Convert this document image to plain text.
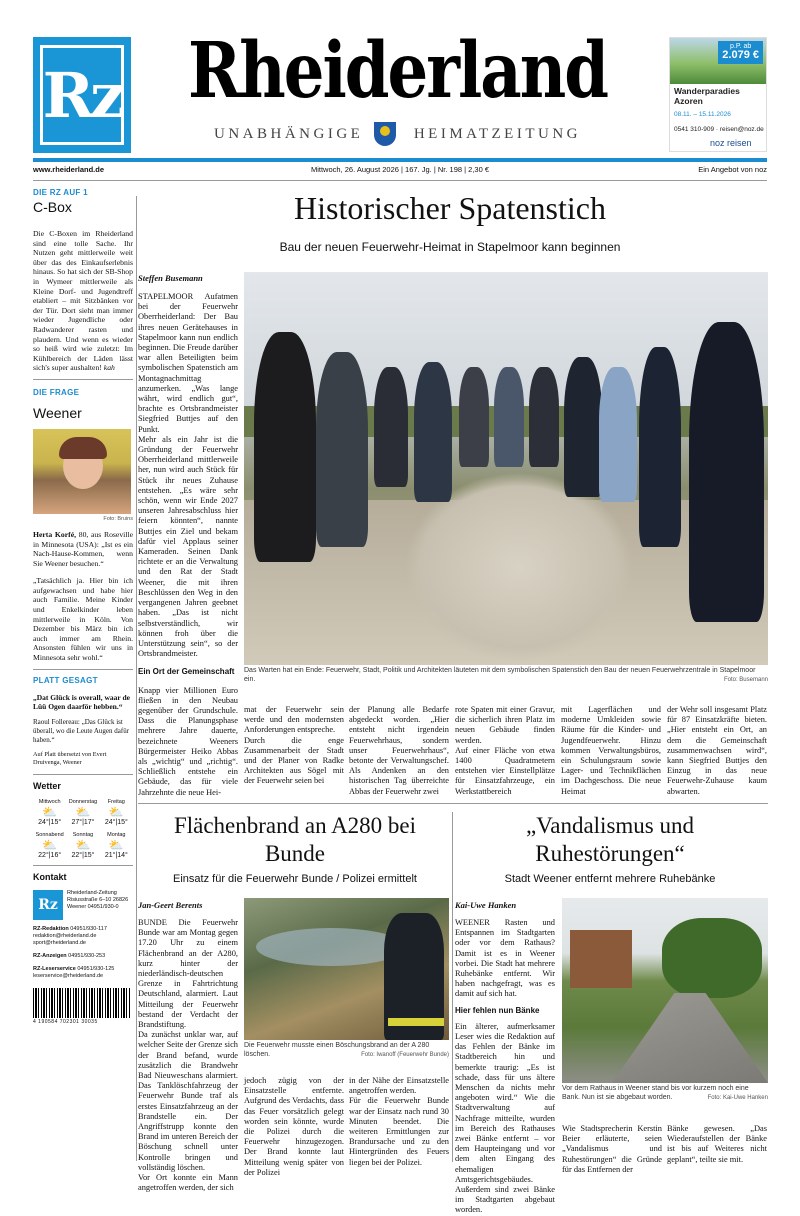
Rz Rheiderland
UNABHÄNGIGE	HEIMATZEITUNG
p.P. ab
2.079 €
Wanderparadies Azoren
08.11. – 15.11.2026
0541 310-909 · reisen@noz.de
noz reisen
www.rheiderland.de	Mittwoch, 26. August 2026 | 167. Jg. | Nr. 198 | 2,30 €	Ein Angebot von noz
DIE RZ AUF 1
C-Box
Die C-Boxen im Rheiderland sind eine tolle Sache. Ihr Nutzen geht mittlerweile weit über das des Einkaufserlebnis hinaus. So hat sich der SB-Shop in Wymeer mittlerweile als Kleine Dorf- und Jugendtreff etabliert – mit Sitzbänken vor der Tür. Dort sieht man immer wieder Jugendliche oder Radwanderer rasten und plaudern. Und wenn es wieder so heiß wird wie zuletzt: Im Kühlbereich der Läden lässt sich's super aushalten! kah
DIE FRAGE
Weener
Foto: Bruins
Herta Korfé, 80, aus Roseville in Minnesota (USA): „Ist es ein Nach-Hause-Kommen, wenn Sie Weener besuchen.“
„Tatsächlich ja. Hier bin ich aufgewachsen und habe hier auch Familie. Meine Kinder und Enkelkinder leben mittlerweile in Köln. Von Dezember bis März bin ich auch immer am Rhein. Ansonsten fühlen wir uns in Minnesota sehr wohl.“
PLATT GESAGT
„Dat Glück is overall, waar de Lüü Ogen daarför hebben.“
Raoul Follereau: „Das Glück ist überall, wo die Leute Augen dafür haben.“
Auf Platt übersetzt von Evert Druivenga, Weener
Wetter
Mittwoch
⛅
24°|15°
Donnerstag
⛅
27°|17°
Freitag
⛅
24°|15°
Sonnabend
⛅
22°|16°
Sonntag
⛅
22°|15°
Montag
⛅
21°|14°
Kontakt
Rz
Rheiderland-Zeitung Risiusstraße 6–10 26826 Weener 04951/930-0
RZ-Redaktion 04951/930-117 redaktion@rheiderland.de sport@rheiderland.de
RZ-Anzeigen 04951/930-253
RZ-Leserservice 04951/930-125 leserservice@rheiderland.de
4 190584 702301 30035
Historischer Spatenstich
Bau der neuen Feuerwehr-Heimat in Stapelmoor kann beginnen
Steffen Busemann
STAPELMOOR Aufatmen bei der Feuerwehr Oberrheiderland: Der Bau ihres neuen Gerätehauses in Stapelmoor kann nun endlich beginnen. Die Freude darüber war allen Beteiligten beim symbolischen Spatenstich am Montagnachmittag anzumerken. „Was lange währt, wird endlich gut“, brachte es Ortsbrandmeister Siegfried Buttjes auf den Punkt.
Mehr als ein Jahr ist die Gründung der Feuerwehr Oberrheiderland mittlerweile her, nun wird auch Stück für Stück ihr neues Zuhause entstehen. „Es wäre sehr schön, wenn wir Ende 2027 unseren Jahresabschluss hier feiern könnten“, nannte Buttjes ein Ziel und bekam dafür viel Applaus seiner Kameraden. Seinen Dank richtete er an die Verwaltung und den Rat der Stadt Weener, die mit ihren Beschlüssen den Weg in den vergangenen Jahren geebnet haben. „Das ist nicht selbstverständlich, wir können froh über die Unterstützung sein“, so der Ortsbrandmeister.
Ein Ort der Gemeinschaft
Knapp vier Millionen Euro fließen in den Neubau gegenüber der Grundschule. Dass die Planungsphase mehrere Jahre dauerte, bezeichnete Weeners Bürgermeister Heiko Abbas als „wichtig“ und „richtig“. Schließlich entstehe ein Gebäude, das für viele Jahrzehnte die neue Hei-
Das Warten hat ein Ende: Feuerwehr, Stadt, Politik und Architekten läuteten mit dem symbolischen Spatenstich den Bau der neuen Feuerwehrzentrale in Stapelmoor ein.	Foto: Busemann
mat der Feuerwehr sein werde und den modernsten Anforderungen entspreche.
Durch die enge Zusammenarbeit der Stadt und der Planer von Radke Architekten aus Sögel mit der Feuerwehr seien bei
der Planung alle Bedarfe abgedeckt worden. „Hier entsteht nicht irgendein Feuerwehrhaus, sondern unser Feuerwehrhaus“, betonte der Verwaltungschef. Als Andenken an den historischen Tag überreichte Abbas der Feuerwehr zwei
rote Spaten mit einer Gravur, die sicherlich ihren Platz im neuen Gebäude finden werden.
Auf einer Fläche von etwa 1400 Quadratmetern entstehen vier Einstellplätze für Einsatzfahrzeuge, ein Werkstattbereich
mit Lagerflächen und moderne Umkleiden sowie Räume für die Kinder- und Jugendfeuerwehr. Hinzu kommen Verwaltungsbüros, ein Schulungsraum sowie Lager- und Technikflächen im Dachgeschoss. Die neue Heimat
der Wehr soll insgesamt Platz für 87 Einsatzkräfte bieten. „Hier entsteht ein Ort, an dem die Gemeinschaft zusammenwachsen wird“, kann Siegfried Buttjes den Einzug in das neue Feuerwehr-Zuhause kaum abwarten.
Flächenbrand an A280 bei Bunde
Einsatz für die Feuerwehr Bunde / Polizei ermittelt
Jan-Geert Berents
BUNDE Die Feuerwehr Bunde war am Montag gegen 17.20 Uhr zu einem Flächenbrand an der A280, kurz hinter der niederländisch-deutschen Grenze in Fahrtrichtung Deutschland, alarmiert. Laut Mitteilung der Feuerwehr bestand der Verdacht der Brandstiftung.
Da zunächst unklar war, auf welcher Seite der Grenze sich der Brand befand, wurde zusätzlich die Brandwehr Bad Nieuweschans alarmiert. Das Tanklöschfahrzeug der Feuerwehr Bunde traf als erstes Einsatzfahrzeug an der Brandstelle ein. Der Angriffstrupp konnte den Brand im unteren Bereich der Böschung schnell unter Kontrolle bringen und vollständig löschen.
Vor Ort konnte ein Mann angetroffen werden, der sich
Die Feuerwehr musste einen Böschungsbrand an der A 280 löschen.	Foto: Iwanoff (Feuerwehr Bunde)
jedoch zügig von der Einsatzstelle entfernte. Aufgrund des Verdachts, dass das Feuer vorsätzlich gelegt worden sein könnte, wurde die Polizei durch die Feuerwehr hinzugezogen. Der Brand konnte laut Mitteilung wenig später von der Polizei
in der Nähe der Einsatzstelle angetroffen werden.
Für die Feuerwehr Bunde war der Einsatz nach rund 30 Minuten beendet. Die weiteren Ermittlungen zur Brandursache und zu den Hintergründen des Feuers liegen bei der Polizei.
„Vandalismus und Ruhestörungen“
Stadt Weener entfernt mehrere Ruhebänke
Kai-Uwe Hanken
WEENER Rasten und Entspannen im Stadtgarten oder vor dem Rathaus? Damit ist es in Weener vorbei. Die Stadt hat mehrere Ruhebänke entfernt. Wir haben nachgefragt, was es damit auf sich hat.
Hier fehlen nun Bänke
Ein älterer, aufmerksamer Leser wies die Redaktion auf das Fehlen der Bänke im Stadtbereich hin und bemerkte traurig: „Es ist schade, dass für uns ältere Menschen da nichts mehr angeboten wird.“ Wie die Stadtverwaltung auf Nachfrage mitteilte, wurden im Bereich des Rathauses zwei Bänke entfernt – vor dem Haupteingang und vor dem alten Eingang des ehemaligen Amtsgerichtsgebäudes. Außerdem sind zwei Bänke im Stadtgarten abgebaut worden.
Vor dem Rathaus in Weener stand bis vor kurzem noch eine Bank. Nun ist sie abgebaut worden.	Foto: Kai-Uwe Hanken
Wie Stadtsprecherin Kerstin Beier erläuterte, seien „Vandalismus und Ruhestörungen“ die Gründe für das Entfernen der
Bänke gewesen. „Das Wiederaufstellen der Bänke ist bis auf Weiteres nicht geplant“, teilte sie mit.
